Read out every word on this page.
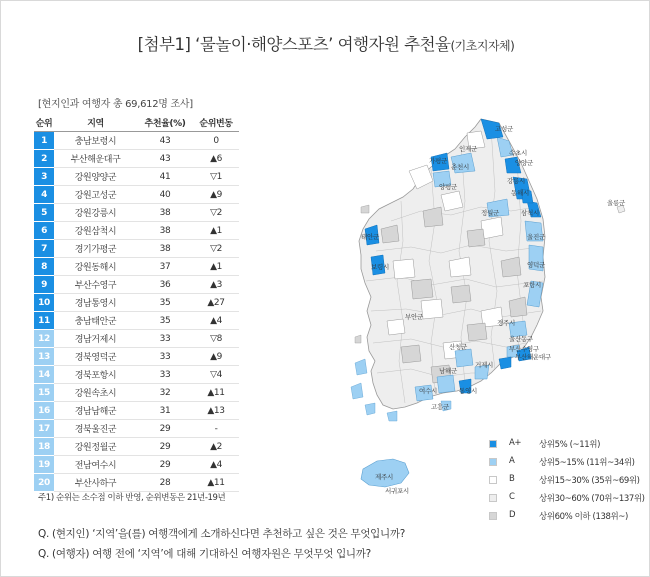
[첨부1] ‘물놀이·해양스포츠’ 여행자원 추천율(기초지자체)
[현지인과 여행자 총 69,612명 조사]
순위	지역	추천율(%)	순위변동
1	충남보령시	43	0
2	부산해운대구	43	▲6
3	강원양양군	41	▽1
4	강원고성군	40	▲9
5	강원강릉시	38	▽2
6	강원삼척시	38	▲1
7	경기가평군	38	▽2
8	강원동해시	37	▲1
9	부산수영구	36	▲3
10	경남통영시	35	▲27
11	충남태안군	35	▲4
12	경남거제시	33	▽8
13	경북영덕군	33	▲9
14	경북포항시	33	▽4
15	강원속초시	32	▲11
16	경남남해군	31	▲13
17	경북울진군	29	-
18	강원정월군	29	▲2
19	전남여수시	29	▲4
20	부산사하구	28	▲11
주1) 순위는 소수점 이하 반영, 순위변동은 21년-19년
고성군
인제군	속초시
양양군
가평군
춘천시
강릉시
양평군
동해시
울릉군
정월군	삼척시
울진군
태안군
보령시	영덕군
포항시
부안군
경주시
울산동구
부산수영구
부산해운대구
산청군
거제시
남해군
여수시	통영시
고흥군
제주시
서귀포시
A+ 상위5% (~11위)
A	상위5~15% (11위~34위)
B	상위15~30% (35위~69위)
C	상위30~60% (70위~137위)
D	상위60% 이하 (138위~)
Q. (현지인) ‘지역’을(를) 여행객에게 소개하신다면 추천하고 싶은 것은 무엇입니까?
Q. (여행자) 여행 전에 ‘지역’에 대해 기대하신 여행자원은 무엇무엇 입니까?
